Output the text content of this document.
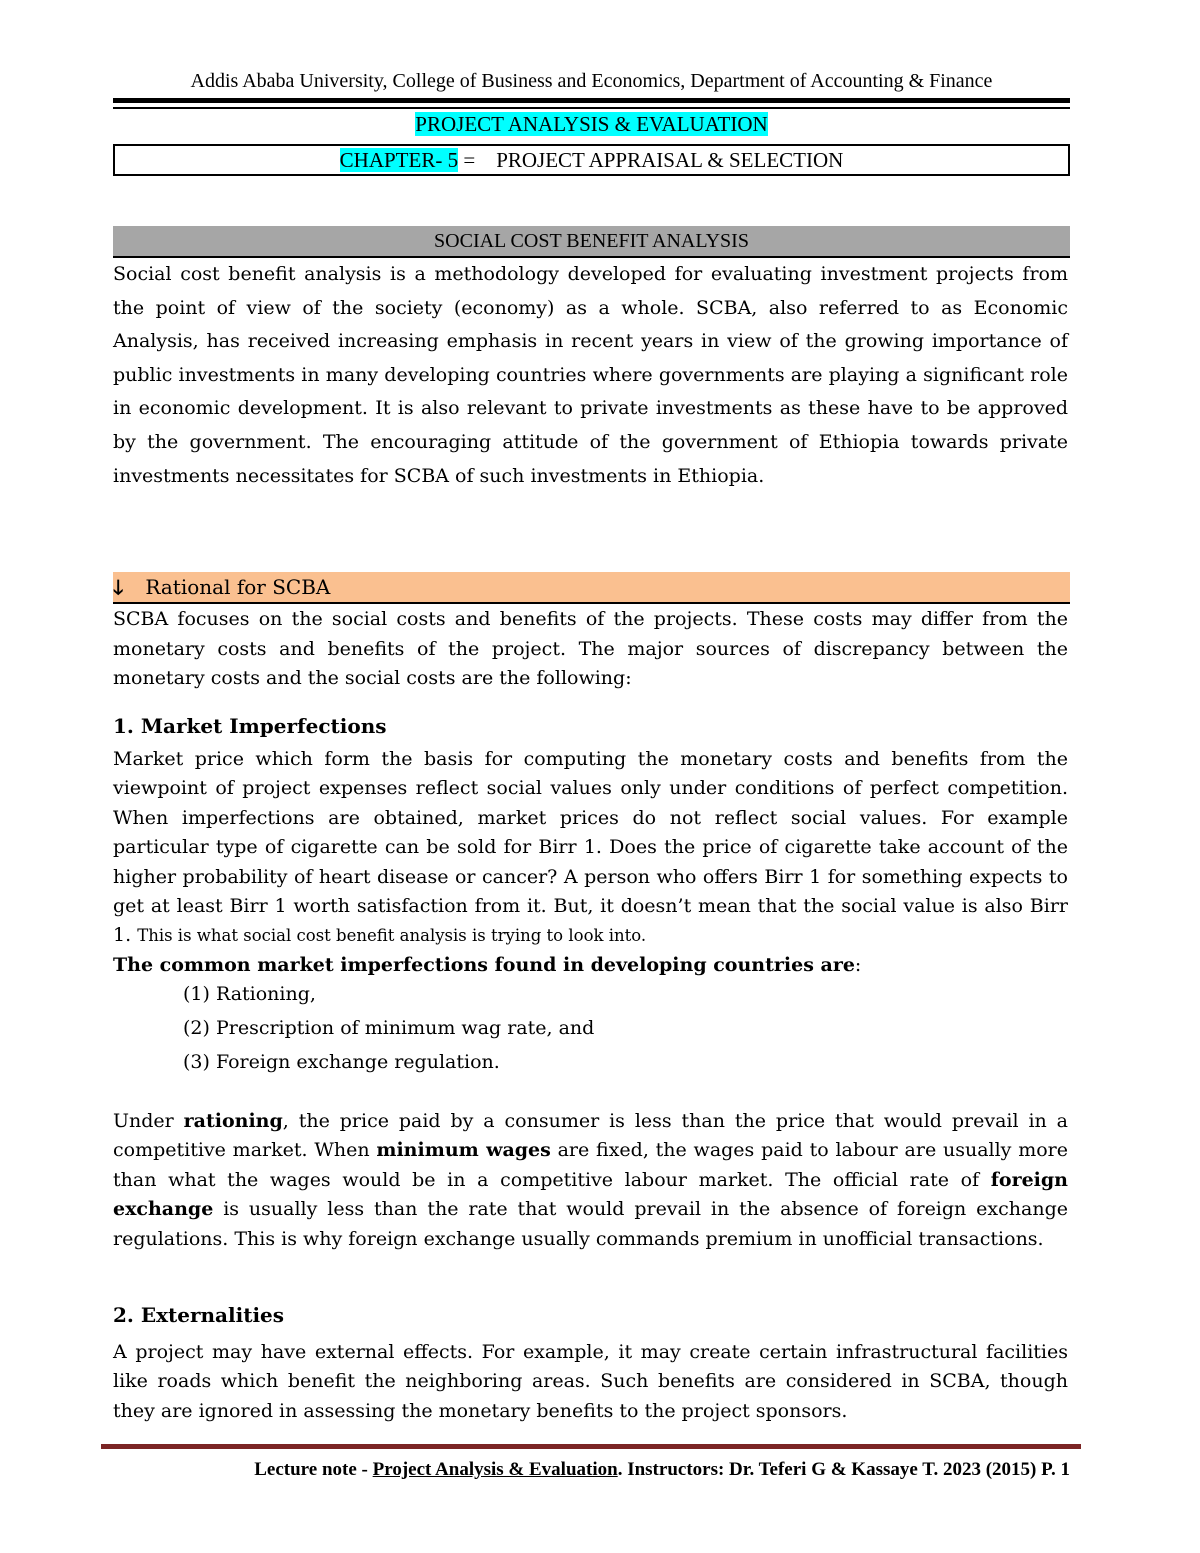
Addis Ababa University, College of Business and Economics, Department of Accounting & Finance
PROJECT ANALYSIS & EVALUATION
CHAPTER- 5 = PROJECT APPRAISAL & SELECTION
SOCIAL COST BENEFIT ANALYSIS
Social cost benefit analysis is a methodology developed for evaluating investment projects from the point of view of the society (economy) as a whole. SCBA, also referred to as Economic Analysis, has received increasing emphasis in recent years in view of the growing importance of public investments in many developing countries where governments are playing a significant role in economic development. It is also relevant to private investments as these have to be approved by the government. The encouraging attitude of the government of Ethiopia towards private investments necessitates for SCBA of such investments in Ethiopia.
🡓 Rational for SCBA
SCBA focuses on the social costs and benefits of the projects. These costs may differ from the monetary costs and benefits of the project. The major sources of discrepancy between the monetary costs and the social costs are the following:
1. Market Imperfections
Market price which form the basis for computing the monetary costs and benefits from the viewpoint of project expenses reflect social values only under conditions of perfect competition. When imperfections are obtained, market prices do not reflect social values. For example particular type of cigarette can be sold for Birr 1. Does the price of cigarette take account of the higher probability of heart disease or cancer? A person who offers Birr 1 for something expects to get at least Birr 1 worth satisfaction from it. But, it doesn’t mean that the social value is also Birr 1. This is what social cost benefit analysis is trying to look into.
The common market imperfections found in developing countries are:
(1) Rationing,
(2) Prescription of minimum wag rate, and
(3) Foreign exchange regulation.
Under rationing, the price paid by a consumer is less than the price that would prevail in a competitive market. When minimum wages are fixed, the wages paid to labour are usually more than what the wages would be in a competitive labour market. The official rate of foreign exchange is usually less than the rate that would prevail in the absence of foreign exchange regulations. This is why foreign exchange usually commands premium in unofficial transactions.
2. Externalities
A project may have external effects. For example, it may create certain infrastructural facilities like roads which benefit the neighboring areas. Such benefits are considered in SCBA, though they are ignored in assessing the monetary benefits to the project sponsors.
Lecture note - Project Analysis & Evaluation. Instructors: Dr. Teferi G & Kassaye T. 2023 (2015) P. 1
